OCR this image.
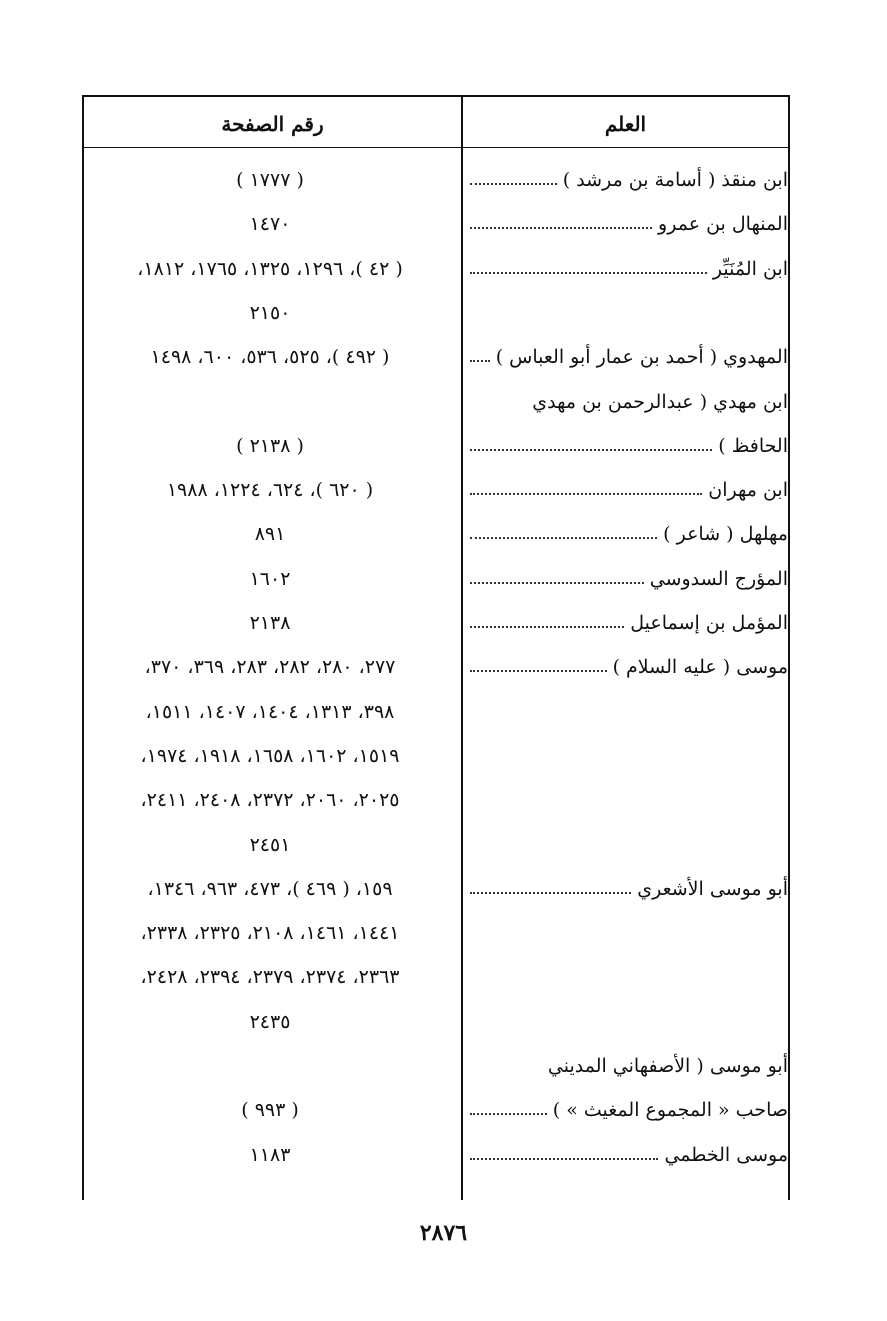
العلم
رقم الصفحة
ابن منقذ ( أسامة بن مرشد )
( ١٧٧٧ )
المنهال بن عمرو
١٤٧٠
ابن المُنَيِّر
( ٤٢ )، ١٢٩٦، ١٣٢٥، ١٧٦٥، ١٨١٢،
٢١٥٠
المهدوي ( أحمد بن عمار أبو العباس )
( ٤٩٢ )، ٥٢٥، ٥٣٦، ٦٠٠، ١٤٩٨
ابن مهدي ( عبدالرحمن بن مهدي
الحافظ )
( ٢١٣٨ )
ابن مهران
( ٦٢٠ )، ٦٢٤، ١٢٢٤، ١٩٨٨
مهلهل ( شاعر )
٨٩١
المؤرج السدوسي
١٦٠٢
المؤمل بن إسماعيل
٢١٣٨
موسى ( عليه السلام )
٢٧٧، ٢٨٠، ٢٨٢، ٢٨٣، ٣٦٩، ٣٧٠،
٣٩٨، ١٣١٣، ١٤٠٤، ١٤٠٧، ١٥١١،
١٥١٩، ١٦٠٢، ١٦٥٨، ١٩١٨، ١٩٧٤،
٢٠٢٥، ٢٠٦٠، ٢٣٧٢، ٢٤٠٨، ٢٤١١،
٢٤٥١
أبو موسى الأشعري
١٥٩، ( ٤٦٩ )، ٤٧٣، ٩٦٣، ١٣٤٦،
١٤٤١، ١٤٦١، ٢١٠٨، ٢٣٢٥، ٢٣٣٨،
٢٣٦٣، ٢٣٧٤، ٢٣٧٩، ٢٣٩٤، ٢٤٢٨،
٢٤٣٥
أبو موسى ( الأصفهاني المديني
صاحب « المجموع المغيث » )
( ٩٩٣ )
موسى الخطمي
١١٨٣
٢٨٧٦
